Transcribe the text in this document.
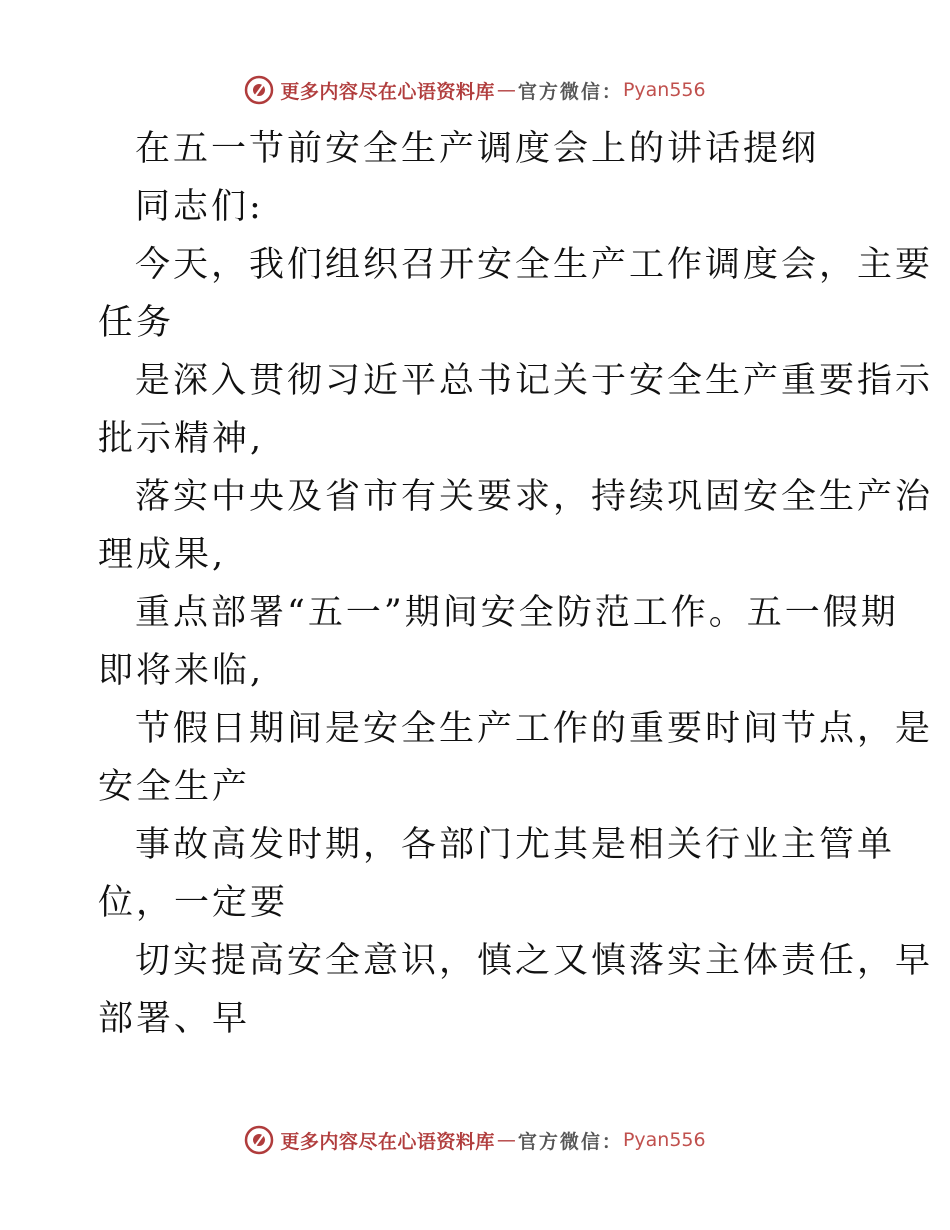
更多内容尽在心语资料库 — 官方微信： Pyan556
在五一节前安全生产调度会上的讲话提纲
同志们:
今天，我们组织召开安全生产工作调度会，主要
任务
是深入贯彻习近平总书记关于安全生产重要指示
批示精神,
落实中央及省市有关要求，持续巩固安全生产治
理成果,
重点部署“五一”期间安全防范工作。五一假期
即将来临,
节假日期间是安全生产工作的重要时间节点，是
安全生产
事故高发时期，各部门尤其是相关行业主管单
位，一定要
切实提高安全意识，慎之又慎落实主体责任，早
部署、早
更多内容尽在心语资料库 — 官方微信： Pyan556
